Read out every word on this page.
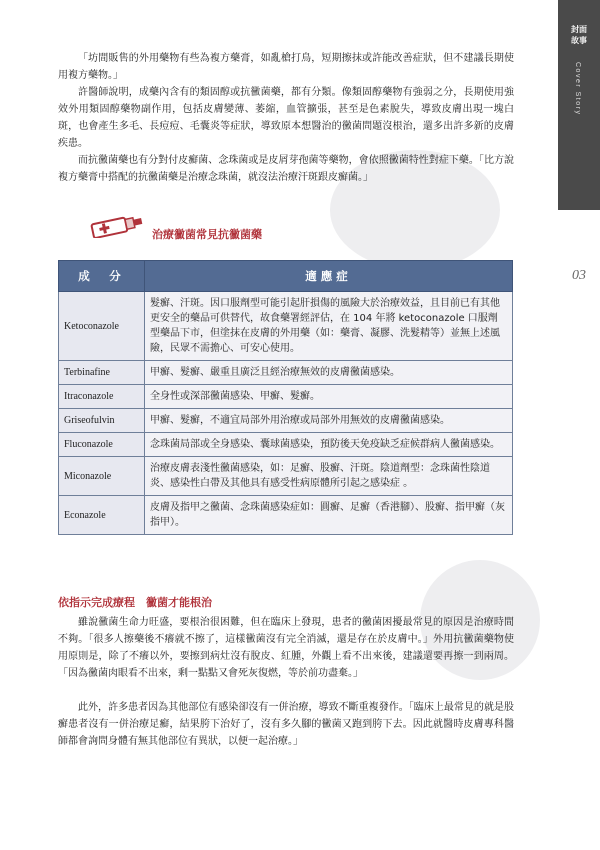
封面
故事
Cover Story
03

「坊間販售的外用藥物有些為複方藥膏，如亂槍打鳥，短期擦抹或許能改善症狀，但不建議長期使用複方藥物。」

許醫師說明，成藥內含有的類固醇或抗黴菌藥，都有分類。像類固醇藥物有強弱之分，長期使用強效外用類固醇藥物副作用，包括皮膚變薄、萎縮，血管擴張，甚至是色素脫失，導致皮膚出現一塊白斑，也會產生多毛、長痘痘、毛囊炎等症狀，導致原本想醫治的黴菌問題沒根治，還多出許多新的皮膚疾患。

而抗黴菌藥也有分對付皮癬菌、念珠菌或是皮屑芽孢菌等藥物，會依照黴菌特性對症下藥。「比方說複方藥膏中搭配的抗黴菌藥是治療念珠菌，就沒法治療汗斑跟皮癬菌。」

治療黴菌常見抗黴菌藥
成　分	適應症
Ketoconazole	髮癬、汗斑。因口服劑型可能引起肝損傷的風險大於治療效益，且目前已有其他更安全的藥品可供替代，故食藥署經評估，在 104 年將 ketoconazole 口服劑型藥品下市，但塗抹在皮膚的外用藥（如：藥膏、凝膠、洗髮精等）並無上述風險，民眾不需擔心、可安心使用。
Terbinafine	甲癬、髮癬、嚴重且廣泛且經治療無效的皮膚黴菌感染。
Itraconazole	全身性或深部黴菌感染、甲癬、髮癬。
Griseofulvin	甲癬、髮癬，不適宜局部外用治療或局部外用無效的皮膚黴菌感染。
Fluconazole	念珠菌局部或全身感染、囊球菌感染，預防後天免疫缺乏症候群病人黴菌感染。
Miconazole	治療皮膚表淺性黴菌感染，如：足癬、股癬、汗斑。陰道劑型：念珠菌性陰道炎、感染性白帶及其他具有感受性病原體所引起之感染症 。
Econazole	皮膚及指甲之黴菌、念珠菌感染症如：圓癬、足癬（香港腳）、股癬、指甲癬（灰指甲）。
依指示完成療程　黴菌才能根治

雖說黴菌生命力旺盛，要根治很困難，但在臨床上發現，患者的黴菌困擾最常見的原因是治療時間不夠。「很多人擦藥後不癢就不擦了，這樣黴菌沒有完全消滅，還是存在於皮膚中。」外用抗黴菌藥物使用原則是，除了不癢以外，要擦到病灶沒有脫皮、紅腫，外觀上看不出來後，建議還要再擦一到兩周。「因為黴菌肉眼看不出來，剩一點點又會死灰復燃，等於前功盡棄。」

此外，許多患者因為其他部位有感染卻沒有一併治療，導致不斷重複發作。「臨床上最常見的就是股癬患者沒有一併治療足癬，結果胯下治好了，沒有多久腳的黴菌又跑到胯下去。因此就醫時皮膚專科醫師都會詢問身體有無其他部位有異狀，以便一起治療。」
